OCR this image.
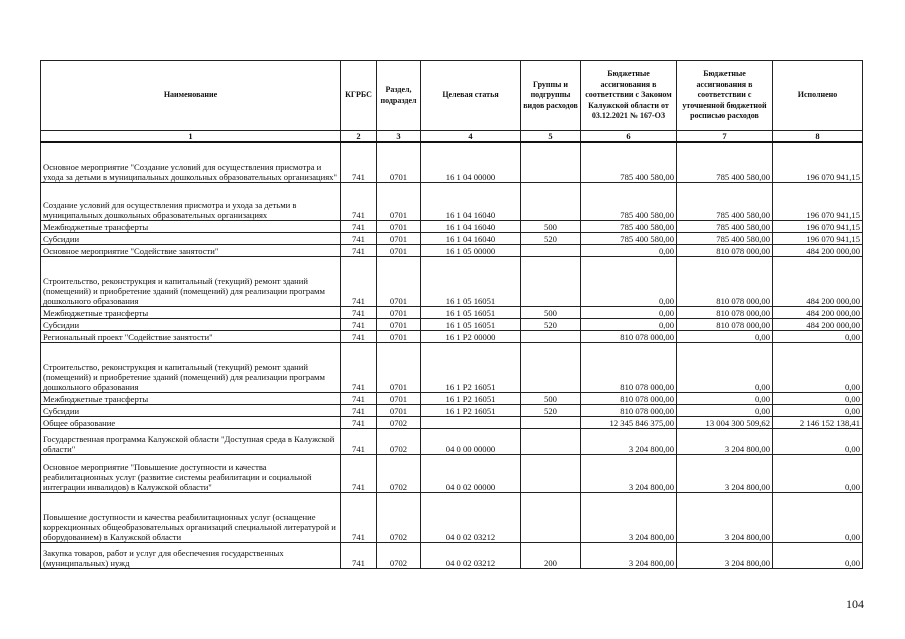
Наименование	КГРБС	Раздел, подраздел	Целевая статья	Группы и подгруппы видов расходов	Бюджетные ассигнования в соответствии с Законом Калужской области от 03.12.2021 № 167-ОЗ	Бюджетные ассигнования в соответствии с уточненной бюджетной росписью расходов	Исполнено
1	2	3	4	5	6	7	8
Основное мероприятие "Создание условий для осуществления присмотра и ухода за детьми в муниципальных дошкольных образовательных организациях"	741	0701	16 1 04 00000		785 400 580,00	785 400 580,00	196 070 941,15
Создание условий для осуществления присмотра и ухода за детьми в муниципальных дошкольных образовательных организациях	741	0701	16 1 04 16040		785 400 580,00	785 400 580,00	196 070 941,15
Межбюджетные трансферты	741	0701	16 1 04 16040	500	785 400 580,00	785 400 580,00	196 070 941,15
Субсидии	741	0701	16 1 04 16040	520	785 400 580,00	785 400 580,00	196 070 941,15
Основное мероприятие "Содействие занятости"	741	0701	16 1 05 00000		0,00	810 078 000,00	484 200 000,00
Строительство, реконструкция и капитальный (текущий) ремонт зданий (помещений) и приобретение зданий (помещений) для реализации программ дошкольного образования	741	0701	16 1 05 16051		0,00	810 078 000,00	484 200 000,00
Межбюджетные трансферты	741	0701	16 1 05 16051	500	0,00	810 078 000,00	484 200 000,00
Субсидии	741	0701	16 1 05 16051	520	0,00	810 078 000,00	484 200 000,00
Региональный проект "Содействие занятости"	741	0701	16 1 P2 00000		810 078 000,00	0,00	0,00
Строительство, реконструкция и капитальный (текущий) ремонт зданий (помещений) и приобретение зданий (помещений) для реализации программ дошкольного образования	741	0701	16 1 P2 16051		810 078 000,00	0,00	0,00
Межбюджетные трансферты	741	0701	16 1 P2 16051	500	810 078 000,00	0,00	0,00
Субсидии	741	0701	16 1 P2 16051	520	810 078 000,00	0,00	0,00
Общее образование	741	0702			12 345 846 375,00	13 004 300 509,62	2 146 152 138,41
Государственная программа Калужской области "Доступная среда в Калужской области"	741	0702	04 0 00 00000		3 204 800,00	3 204 800,00	0,00
Основное мероприятие "Повышение доступности и качества реабилитационных услуг (развитие системы реабилитации и социальной интеграции инвалидов) в Калужской области"	741	0702	04 0 02 00000		3 204 800,00	3 204 800,00	0,00
Повышение доступности и качества реабилитационных услуг (оснащение коррекционных общеобразовательных организаций специальной литературой и оборудованием) в Калужской области	741	0702	04 0 02 03212		3 204 800,00	3 204 800,00	0,00
Закупка товаров, работ и услуг для обеспечения государственных (муниципальных) нужд	741	0702	04 0 02 03212	200	3 204 800,00	3 204 800,00	0,00
104
